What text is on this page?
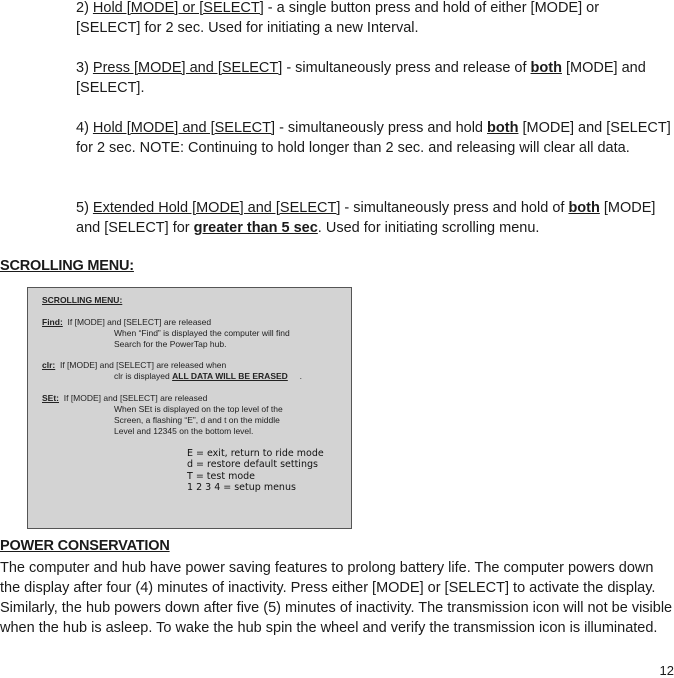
2) Hold [MODE] or [SELECT] - a single button press and hold of either [MODE] or [SELECT] for 2 sec. Used for initiating a new Interval.

3) Press [MODE] and [SELECT] - simultaneously press and release of both [MODE] and [SELECT].

4) Hold [MODE] and [SELECT] - simultaneously press and hold both [MODE] and [SELECT] for 2 sec. NOTE: Continuing to hold longer than 2 sec. and releasing will clear all data.

5) Extended Hold [MODE] and [SELECT] - simultaneously press and hold of both [MODE] and [SELECT] for greater than 5 sec. Used for initiating scrolling menu.

SCROLLING MENU:

SCROLLING MENU:
Find: If [MODE] and [SELECT] are released
When “Find” is displayed the computer will find
Search for the PowerTap hub.
clr: If [MODE] and [SELECT] are released when
clr is displayed ALL DATA WILL BE ERASED .
SEt: If [MODE] and [SELECT] are released
When SEt is displayed on the top level of the
Screen, a flashing “E”, d and t on the middle
Level and 12345 on the bottom level.
E = exit, return to ride mode
d = restore default settings
T = test mode
1 2 3 4 = setup menus

POWER CONSERVATION

The computer and hub have power saving features to prolong battery life. The computer powers down the display after four (4) minutes of inactivity. Press either [MODE] or [SELECT] to activate the display. Similarly, the hub powers down after five (5) minutes of inactivity. The transmission icon will not be visible when the hub is asleep. To wake the hub spin the wheel and verify the transmission icon is illuminated.

12
